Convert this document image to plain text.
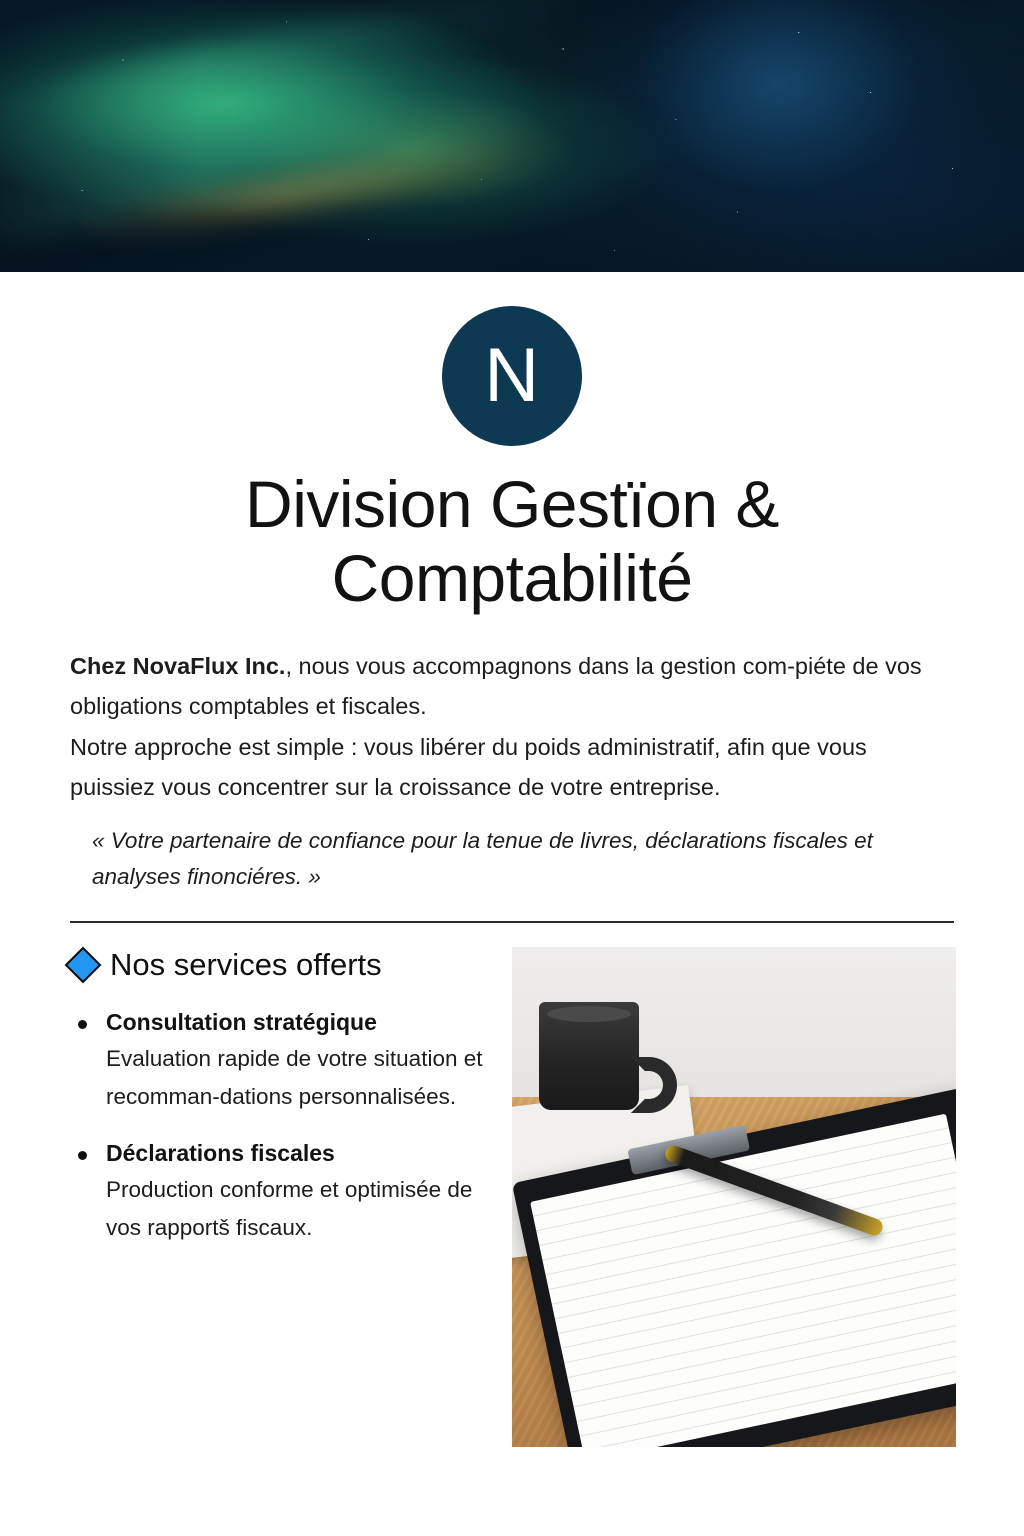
N
Division Gestïon & Comptabilité

Chez NovaFlux Inc., nous vous accompagnons dans la gestion com-piéte de vos obligations comptables et fiscales.

Notre approche est simple : vous libérer du poids administratif, afin que vous puissiez vous concentrer sur la croissance de votre entreprise.

« Votre partenaire de confiance pour la tenue de livres, déclarations fiscales et analyses finonciéres. »

Nos services offerts
Consultation stratégique
Evaluation rapide de votre situation et recomman-dations personnalisées.
Déclarations fiscales
Production conforme et optimisée de vos rapportš fiscaux.
